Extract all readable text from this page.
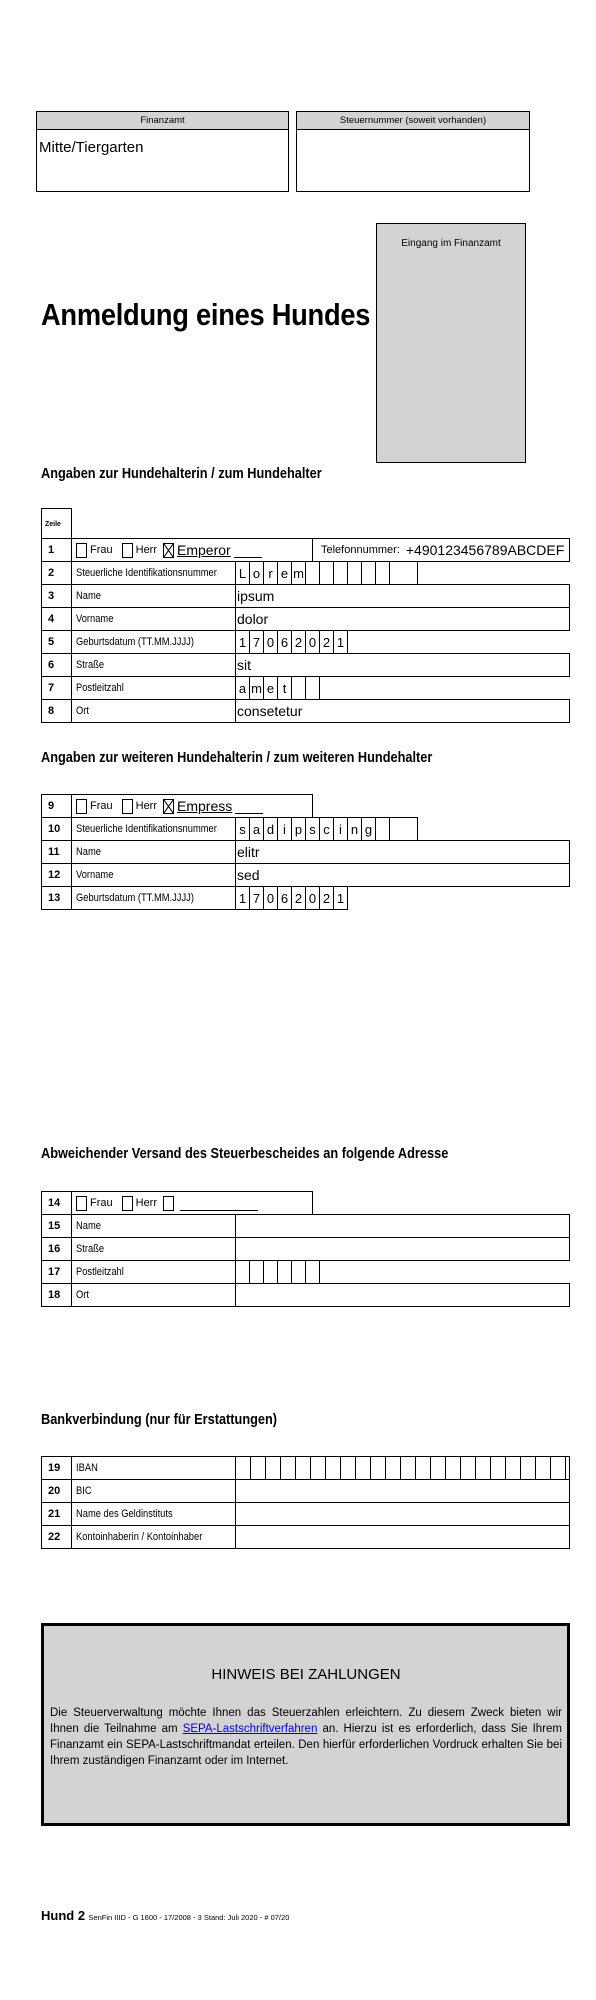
Finanzamt
Mitte/Tiergarten
Steuernummer (soweit vorhanden)
Eingang im Finanzamt
Anmeldung eines Hundes
Angaben zur Hundehalterin / zum Hundehalter
Zeile
1	Frau Herr Emperor	Telefonnummer: +490123456789ABCDEF
2	Steuerliche Identifikationsnummer L o r e m
3	Name	ipsum
4	Vorname	dolor
5	Geburtsdatum (TT.MM.JJJJ)	1 7 0 6 2 0 2 1
6	Straße	sit
7	Postleitzahl	a m e t
8	Ort	consetetur
Angaben zur weiteren Hundehalterin / zum weiteren Hundehalter
9	Frau Herr Empress
10	Steuerliche Identifikationsnummer s a d i p s c i n g
11	Name	elitr
12	Vorname	sed
13	Geburtsdatum (TT.MM.JJJJ)	1 7 0 6 2 0 2 1
Abweichender Versand des Steuerbescheides an folgende Adresse
14	Frau Herr
15	Name
16	Straße
17	Postleitzahl
18	Ort
Bankverbindung (nur für Erstattungen)
19	IBAN
20	BIC
21	Name des Geldinstituts
22	Kontoinhaberin / Kontoinhaber
HINWEIS BEI ZAHLUNGEN

Die Steuerverwaltung möchte Ihnen das Steuerzahlen erleichtern. Zu diesem Zweck bieten wir Ihnen die Teilnahme am SEPA-Lastschriftverfahren an. Hierzu ist es erforderlich, dass Sie Ihrem Finanzamt ein SEPA-Lastschriftmandat erteilen. Den hierfür erforderlichen Vordruck erhalten Sie bei Ihrem zuständigen Finanzamt oder im Internet.

Hund 2 SenFin IIID - G 1600 - 17/2008 - 3 Stand: Juli 2020 - # 07/20
